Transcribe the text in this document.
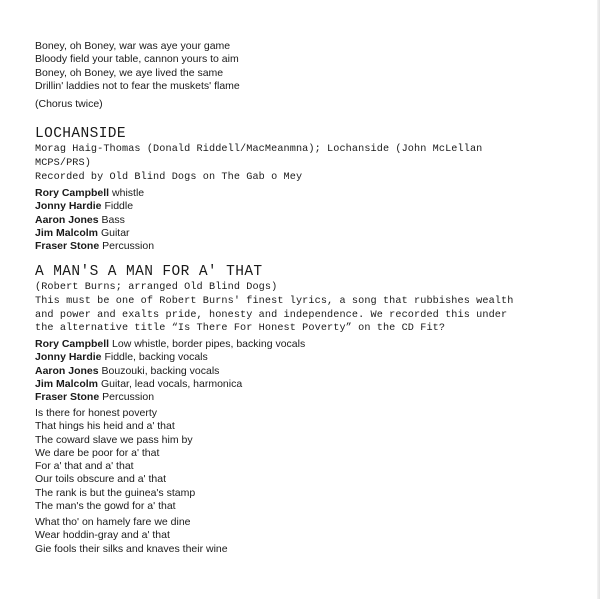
Boney, oh Boney, war was aye your game
Bloody field your table, cannon yours to aim
Boney, oh Boney, we aye lived the same
Drillin' laddies not to fear the muskets' flame
(Chorus twice)
LOCHANSIDE
Morag Haig-Thomas (Donald Riddell/MacMeanmna); Lochanside (John McLellan
MCPS/PRS)
Recorded by Old Blind Dogs on The Gab o Mey
Rory Campbell whistle
Jonny Hardie Fiddle
Aaron Jones Bass
Jim Malcolm Guitar
Fraser Stone Percussion
A MAN'S A MAN FOR A' THAT
(Robert Burns; arranged Old Blind Dogs)
This must be one of Robert Burns' finest lyrics, a song that rubbishes wealth
and power and exalts pride, honesty and independence. We recorded this under
the alternative title “Is There For Honest Poverty” on the CD Fit?
Rory Campbell Low whistle, border pipes, backing vocals
Jonny Hardie Fiddle, backing vocals
Aaron Jones Bouzouki, backing vocals
Jim Malcolm Guitar, lead vocals, harmonica
Fraser Stone Percussion
Is there for honest poverty
That hings his heid and a' that
The coward slave we pass him by
We dare be poor for a' that
For a' that and a' that
Our toils obscure and a' that
The rank is but the guinea's stamp
The man's the gowd for a' that
What tho' on hamely fare we dine
Wear hoddin-gray and a' that
Gie fools their silks and knaves their wine
